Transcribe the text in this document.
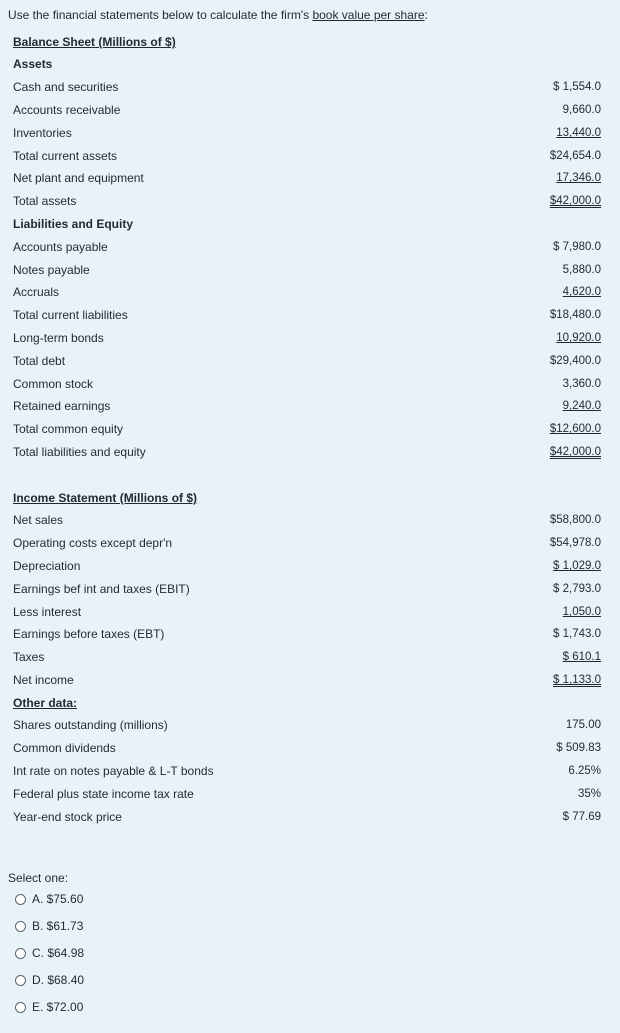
Use the financial statements below to calculate the firm's book value per share:
Balance Sheet (Millions of $)
Assets
Cash and securities	$ 1,554.0
Accounts receivable	9,660.0
Inventories	13,440.0
Total current assets	$24,654.0
Net plant and equipment	17,346.0
Total assets	$42,000.0
Liabilities and Equity
Accounts payable	$ 7,980.0
Notes payable	5,880.0
Accruals	4,620.0
Total current liabilities	$18,480.0
Long-term bonds	10,920.0
Total debt	$29,400.0
Common stock	3,360.0
Retained earnings	9,240.0
Total common equity	$12,600.0
Total liabilities and equity	$42,000.0
Income Statement (Millions of $)
Net sales	$58,800.0
Operating costs except depr'n	$54,978.0
Depreciation	$ 1,029.0
Earnings bef int and taxes (EBIT)	$ 2,793.0
Less interest	1,050.0
Earnings before taxes (EBT)	$ 1,743.0
Taxes	$ 610.1
Net income	$ 1,133.0
Other data:
Shares outstanding (millions)	175.00
Common dividends	$ 509.83
Int rate on notes payable & L-T bonds	6.25%
Federal plus state income tax rate	35%
Year-end stock price	$ 77.69
Select one:
A. $75.60
B. $61.73
C. $64.98
D. $68.40
E. $72.00
